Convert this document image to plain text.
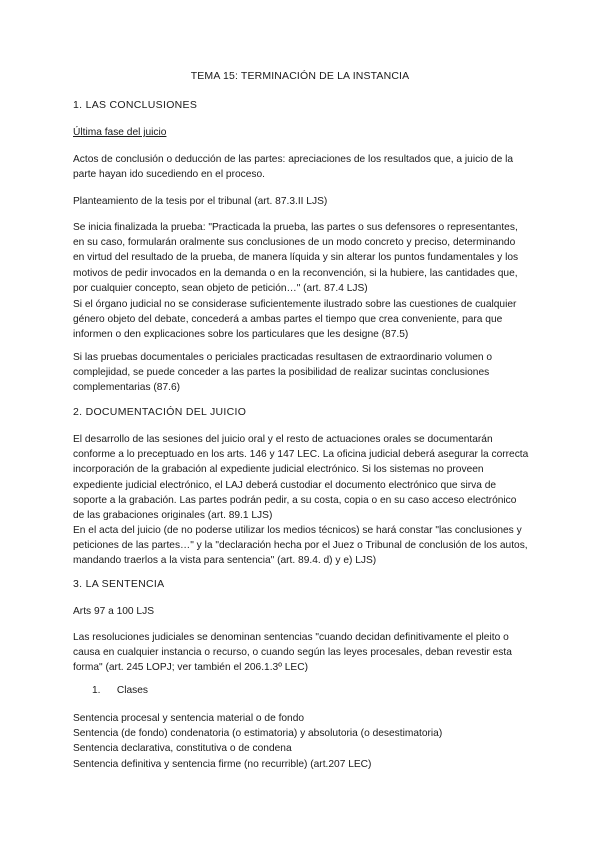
TEMA 15: TERMINACIÓN DE LA INSTANCIA
1. LAS CONCLUSIONES
Última fase del juicio
Actos de conclusión o deducción de las partes: apreciaciones de los resultados que, a juicio de la parte hayan ido sucediendo en el proceso.
Planteamiento de la tesis por el tribunal (art. 87.3.II LJS)
Se inicia finalizada la prueba: "Practicada la prueba, las partes o sus defensores o representantes, en su caso, formularán oralmente sus conclusiones de un modo concreto y preciso, determinando en virtud del resultado de la prueba, de manera líquida y sin alterar los puntos fundamentales y los motivos de pedir invocados en la demanda o en la reconvención, si la hubiere, las cantidades que, por cualquier concepto, sean objeto de petición…" (art. 87.4 LJS)
Si el órgano judicial no se considerase suficientemente ilustrado sobre las cuestiones de cualquier género objeto del debate, concederá a ambas partes el tiempo que crea conveniente, para que informen o den explicaciones sobre los particulares que les designe (87.5)
Si las pruebas documentales o periciales practicadas resultasen de extraordinario volumen o complejidad, se puede conceder a las partes la posibilidad de realizar sucintas conclusiones complementarias (87.6)
2. DOCUMENTACIÓN DEL JUICIO
El desarrollo de las sesiones del juicio oral y el resto de actuaciones orales se documentarán conforme a lo preceptuado en los arts. 146 y 147 LEC. La oficina judicial deberá asegurar la correcta incorporación de la grabación al expediente judicial electrónico. Si los sistemas no proveen expediente judicial electrónico, el LAJ deberá custodiar el documento electrónico que sirva de soporte a la grabación. Las partes podrán pedir, a su costa, copia o en su caso acceso electrónico de las grabaciones originales (art. 89.1 LJS)
En el acta del juicio (de no poderse utilizar los medios técnicos) se hará constar "las conclusiones y peticiones de las partes…" y la "declaración hecha por el Juez o Tribunal de conclusión de los autos, mandando traerlos a la vista para sentencia" (art. 89.4. d) y e) LJS)
3. LA SENTENCIA
Arts 97 a 100 LJS
Las resoluciones judiciales se denominan sentencias "cuando decidan definitivamente el pleito o causa en cualquier instancia o recurso, o cuando según las leyes procesales, deban revestir esta forma" (art. 245 LOPJ; ver también el 206.1.3º LEC)
1. Clases
Sentencia procesal y sentencia material o de fondo
Sentencia (de fondo) condenatoria (o estimatoria) y absolutoria (o desestimatoria)
Sentencia declarativa, constitutiva o de condena
Sentencia definitiva y sentencia firme (no recurrible) (art.207 LEC)
